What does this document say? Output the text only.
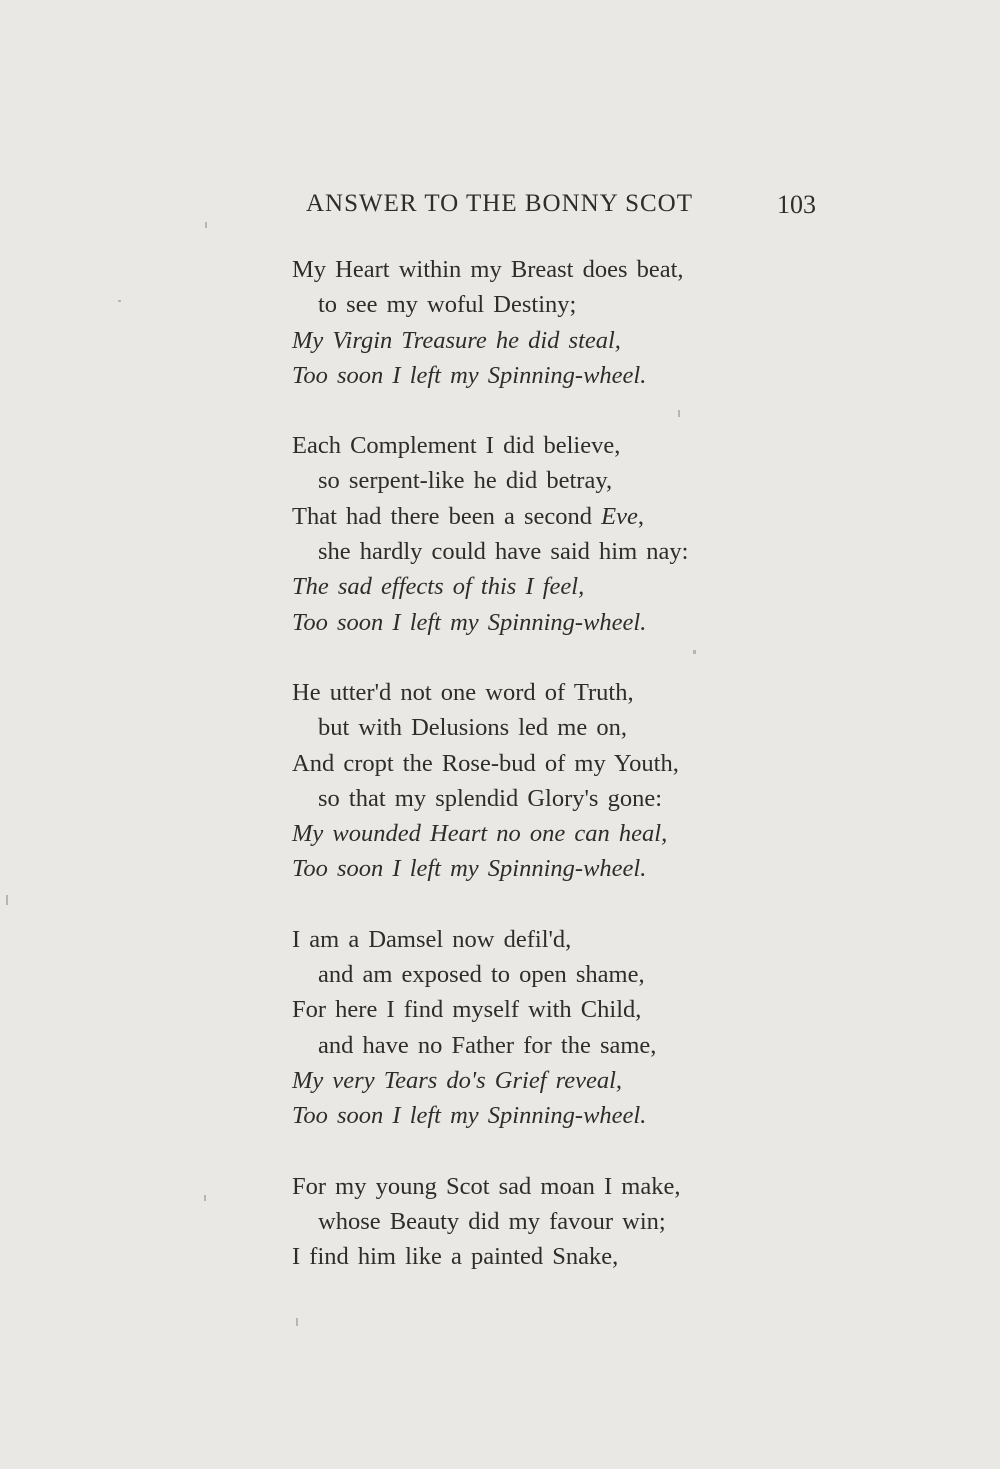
ANSWER TO THE BONNY SCOT	103
My Heart within my Breast does beat,
to see my woful Destiny;
My Virgin Treasure he did steal,
Too soon I left my Spinning-wheel.
Each Complement I did believe,
so serpent-like he did betray,
That had there been a second Eve,
she hardly could have said him nay:
The sad effects of this I feel,
Too soon I left my Spinning-wheel.
He utter'd not one word of Truth,
but with Delusions led me on,
And cropt the Rose-bud of my Youth,
so that my splendid Glory's gone:
My wounded Heart no one can heal,
Too soon I left my Spinning-wheel.
I am a Damsel now defil'd,
and am exposed to open shame,
For here I find myself with Child,
and have no Father for the same,
My very Tears do's Grief reveal,
Too soon I left my Spinning-wheel.
For my young Scot sad moan I make,
whose Beauty did my favour win;
I find him like a painted Snake,
